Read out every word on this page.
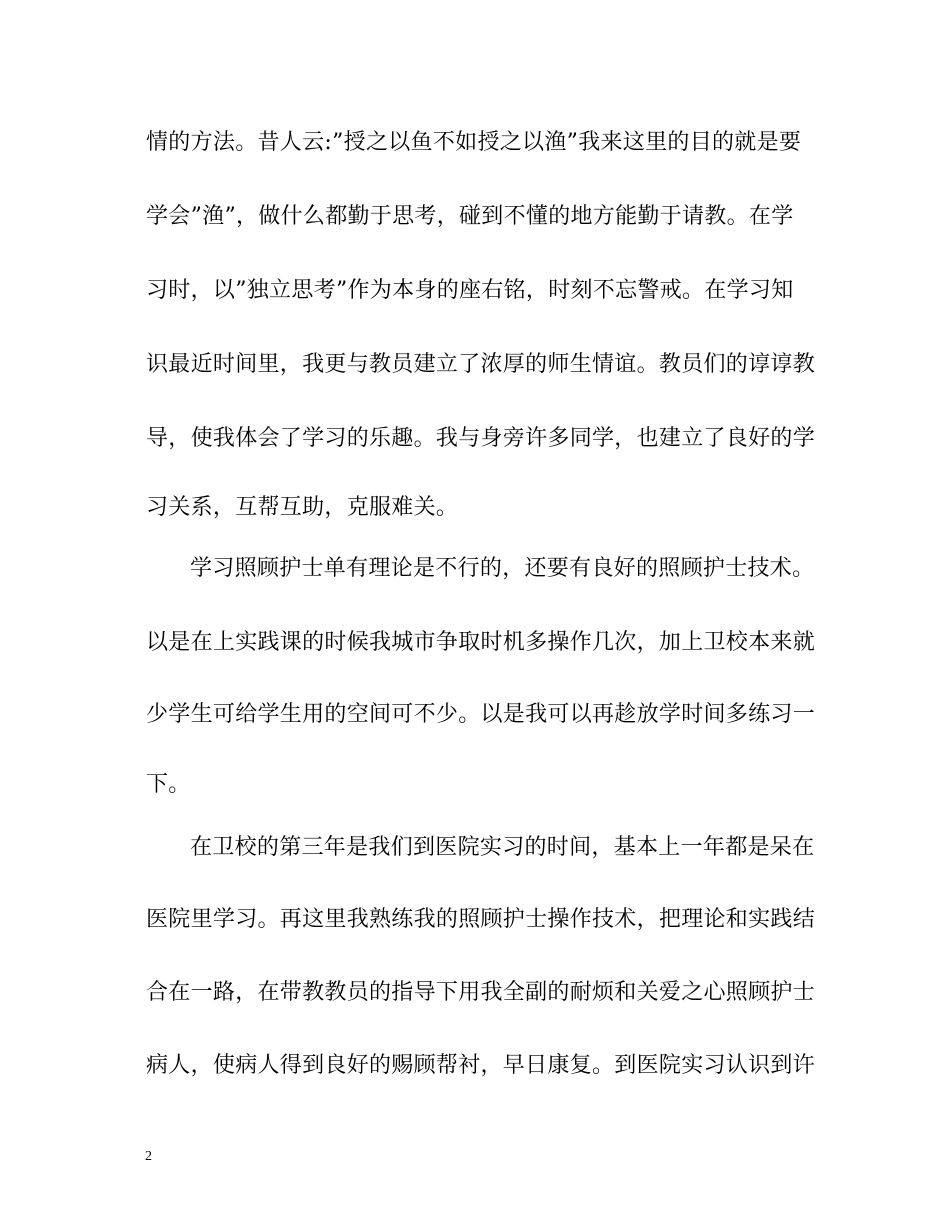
情的方法。昔人云:”授之以鱼不如授之以渔”我来这里的目的就是要
学会”渔”，做什么都勤于思考，碰到不懂的地方能勤于请教。在学
习时，以”独立思考”作为本身的座右铭，时刻不忘警戒。在学习知
识最近时间里，我更与教员建立了浓厚的师生情谊。教员们的谆谆教
导，使我体会了学习的乐趣。我与身旁许多同学，也建立了良好的学
习关系，互帮互助，克服难关。
学习照顾护士单有理论是不行的，还要有良好的照顾护士技术。
以是在上实践课的时候我城市争取时机多操作几次，加上卫校本来就
少学生可给学生用的空间可不少。以是我可以再趁放学时间多练习一
下。
在卫校的第三年是我们到医院实习的时间，基本上一年都是呆在
医院里学习。再这里我熟练我的照顾护士操作技术，把理论和实践结
合在一路，在带教教员的指导下用我全副的耐烦和关爱之心照顾护士
病人，使病人得到良好的赐顾帮衬，早日康复。到医院实习认识到许
2
